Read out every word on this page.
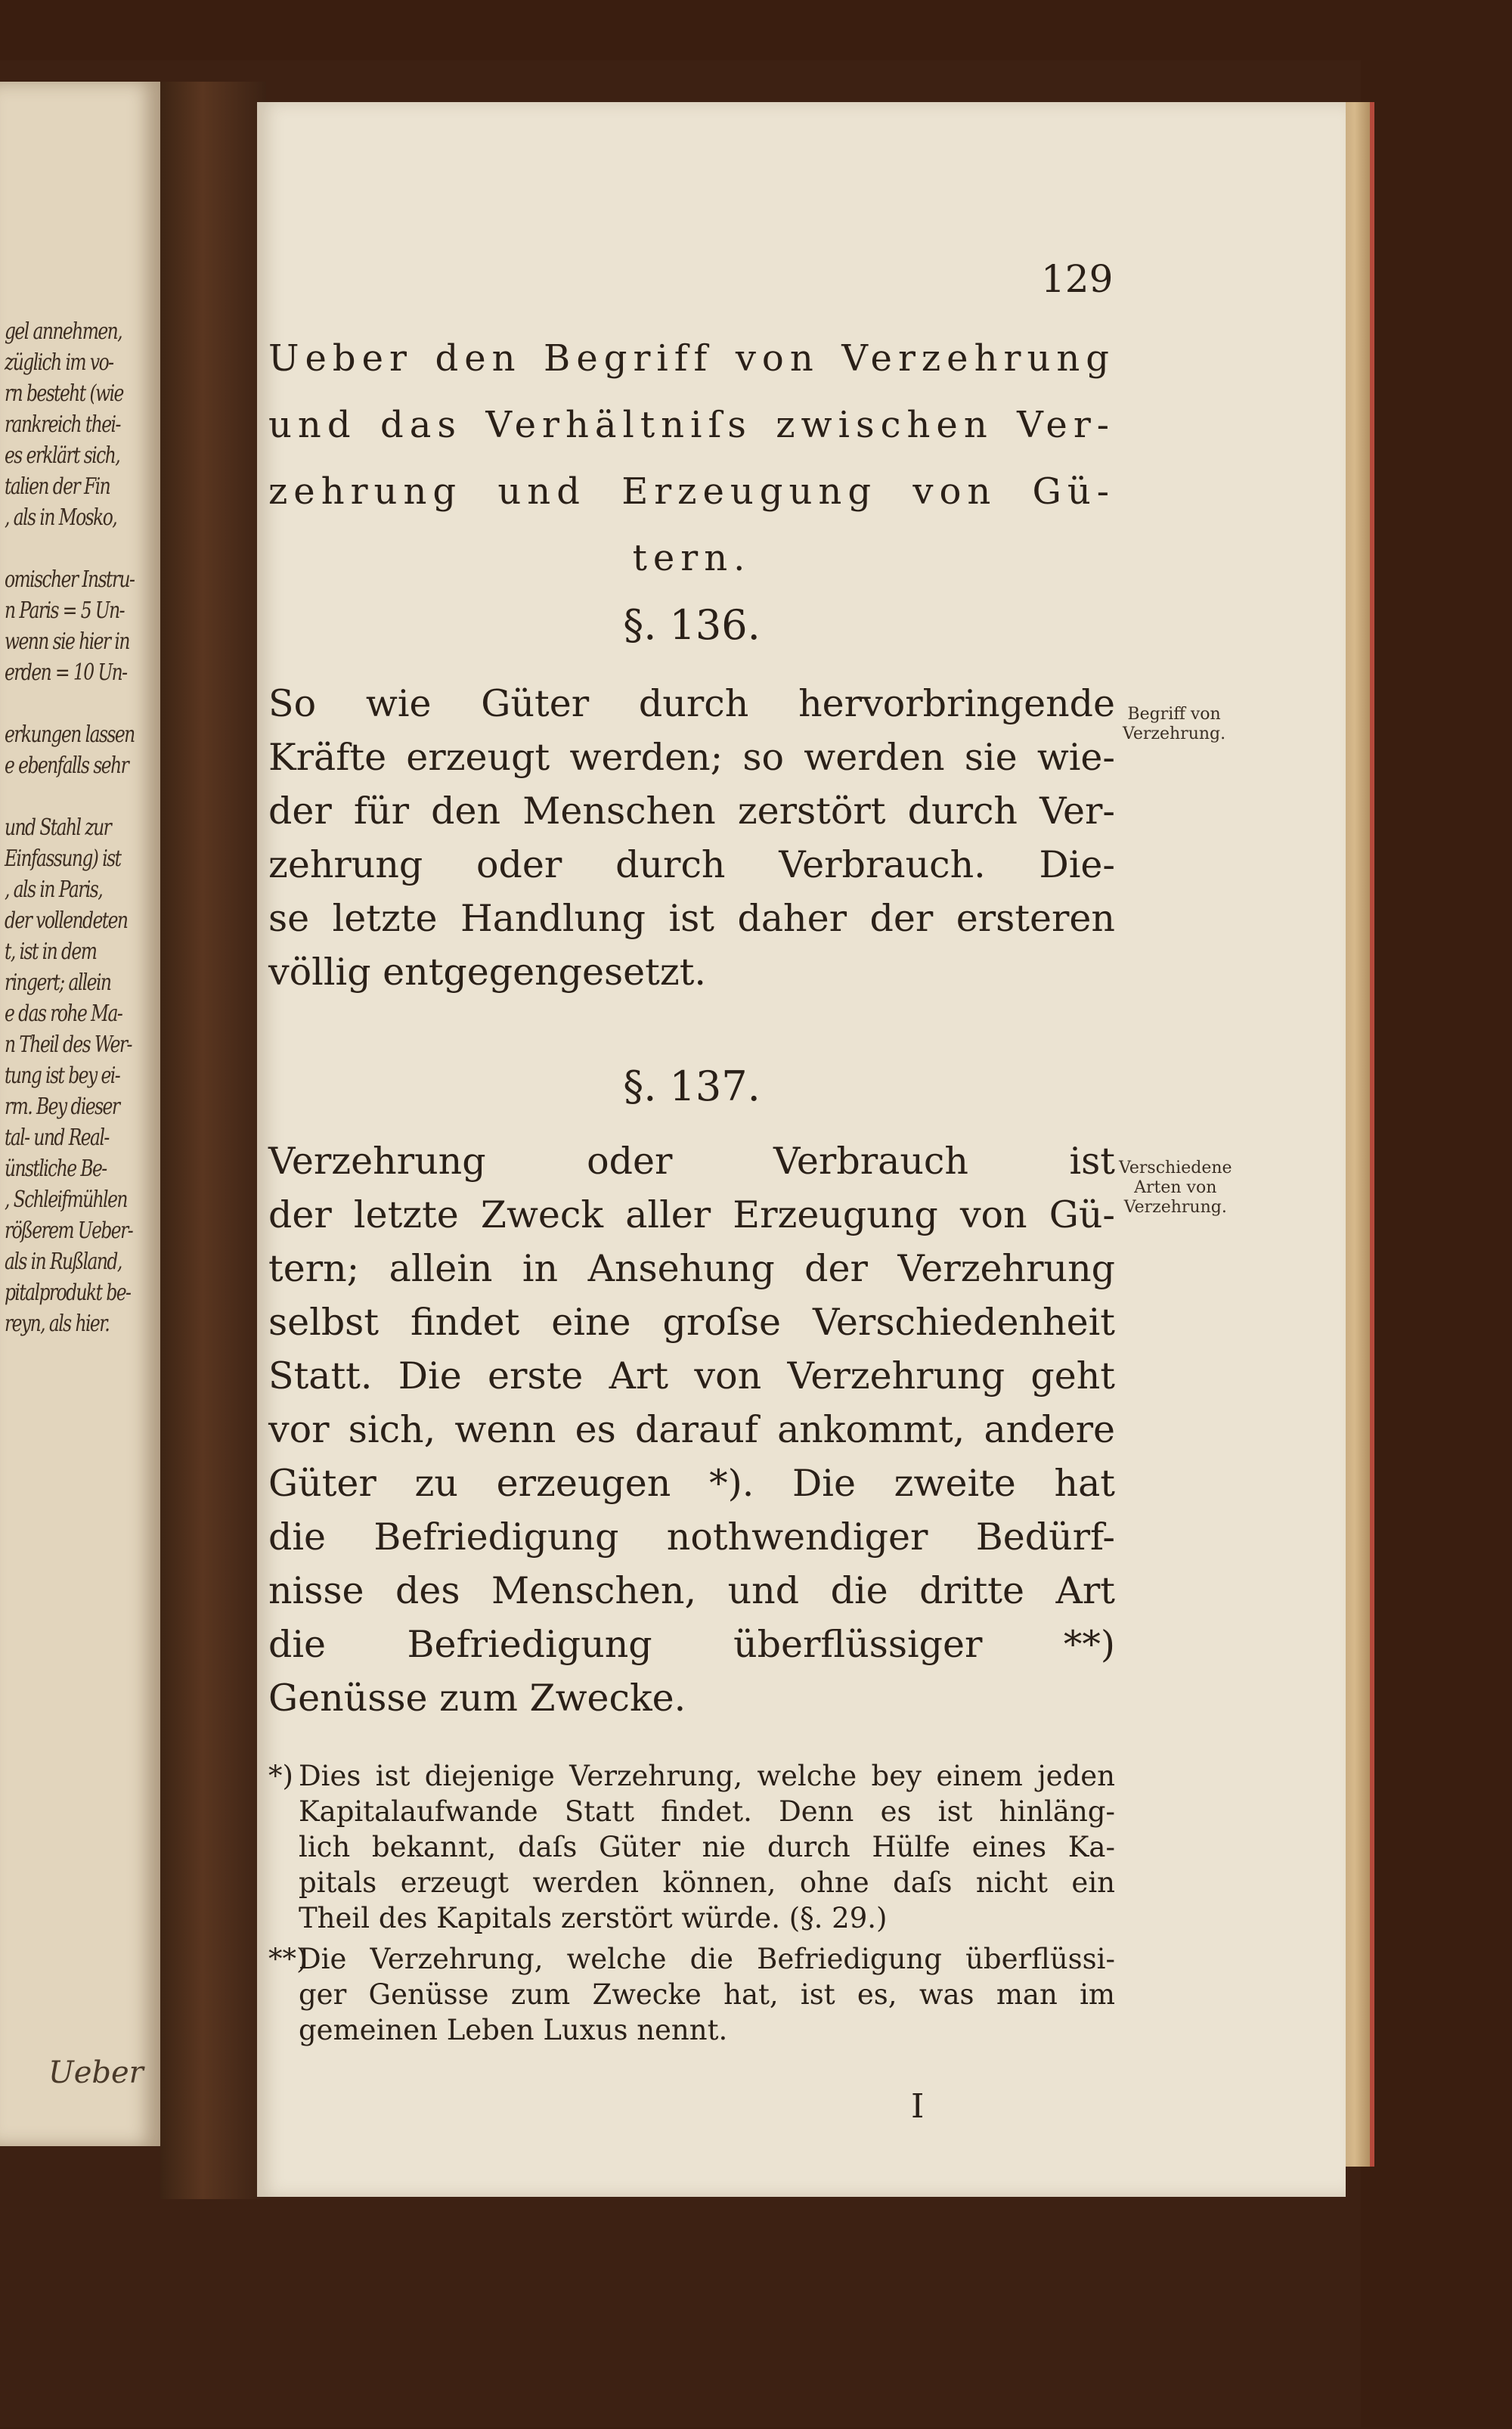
gel annehmen,
züglich im vo-
rn besteht (wie
rankreich thei-
es erklärt sich,
talien der Fin
, als in Mosko,

omischer Instru-
n Paris = 5 Un-
wenn sie hier in
erden = 10 Un-

erkungen lassen
e ebenfalls sehr

und Stahl zur
Einfassung) ist
, als in Paris,
der vollendeten
t, ist in dem
ringert; allein
e das rohe Ma-
n Theil des Wer-
tung ist bey ei-
rm. Bey dieser
tal- und Real-
ünstliche Be-
, Schleifmühlen
rößerem Ueber-
als in Rußland,
pitalprodukt be-
reyn, als hier.
Ueber
129
Ueber den Begriff von Verzehrung
und das Verhältniſs zwischen Ver-
zehrung und Erzeugung von Gü-
tern.
§. 136.
So wie Güter durch hervorbringende
Kräfte erzeugt werden; so werden sie wie-
der für den Menschen zerstört durch Ver-
zehrung oder durch Verbrauch. Die-
se letzte Handlung ist daher der ersteren
völlig entgegengesetzt.
Begriff von
Verzehrung.
§. 137.
Verzehrung oder Verbrauch ist
der letzte Zweck aller Erzeugung von Gü-
tern; allein in Ansehung der Verzehrung
selbst findet eine groſse Verschiedenheit
Statt. Die erste Art von Verzehrung geht
vor sich, wenn es darauf ankommt, andere
Güter zu erzeugen *). Die zweite hat
die Befriedigung nothwendiger Bedürf-
nisse des Menschen, und die dritte Art
die Befriedigung überflüssiger **)
Genüsse zum Zwecke.
Verschiedene
Arten von
Verzehrung.
*) Dies ist diejenige Verzehrung, welche bey einem jeden
Kapitalaufwande Statt findet. Denn es ist hinläng-
lich bekannt, daſs Güter nie durch Hülfe eines Ka-
pitals erzeugt werden können, ohne daſs nicht ein
Theil des Kapitals zerstört würde. (§. 29.)
**)Die Verzehrung, welche die Befriedigung überflüssi-
ger Genüsse zum Zwecke hat, ist es, was man im
gemeinen Leben Luxus nennt.
I
